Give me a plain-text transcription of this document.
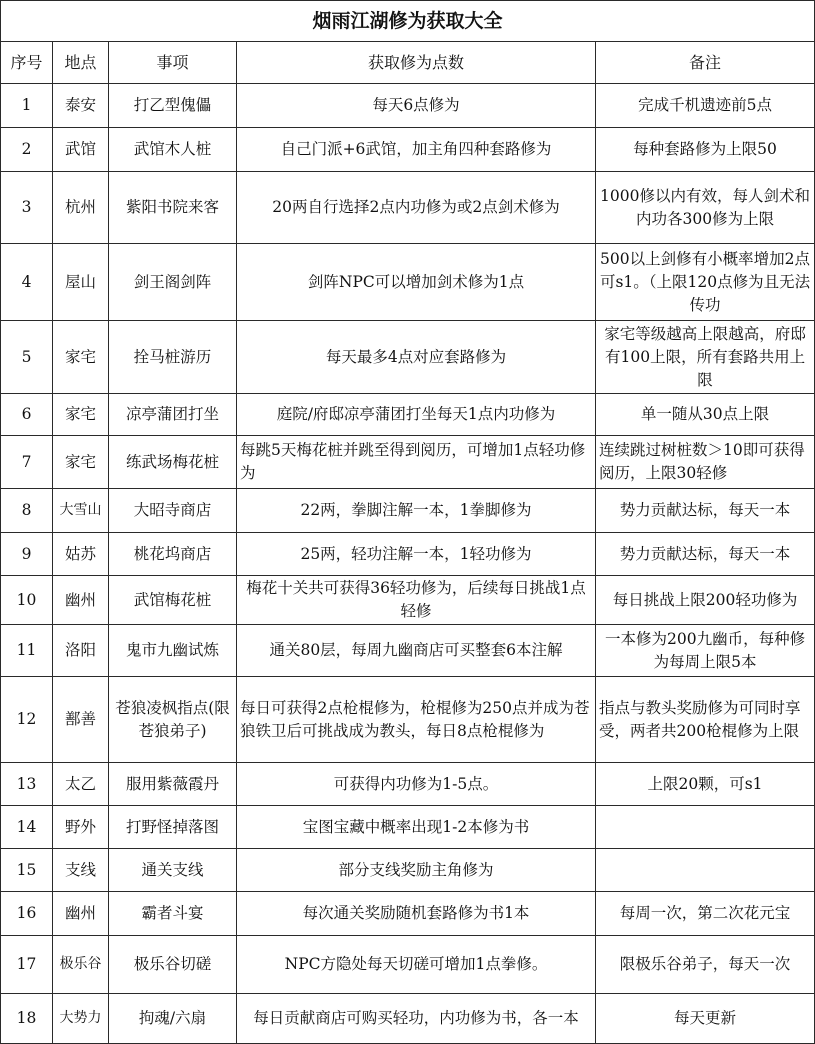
烟雨江湖修为获取大全				
序号	地点	事项	获取修为点数	备注
1	泰安	打乙型傀儡	每天6点修为	完成千机遗迹前5点
2	武馆	武馆木人桩	自己门派+6武馆，加主角四种套路修为	每种套路修为上限50
3	杭州	紫阳书院来客	20两自行选择2点内功修为或2点剑术修为	1000修以内有效，每人剑术和内功各300修为上限
4	屋山	剑王阁剑阵	剑阵NPC可以增加剑术修为1点	500以上剑修有小概率增加2点可s1。（上限120点修为且无法传功
5	家宅	拴马桩游历	每天最多4点对应套路修为	家宅等级越高上限越高，府邸有100上限，所有套路共用上限
6	家宅	凉亭蒲团打坐	庭院/府邸凉亭蒲团打坐每天1点内功修为	单一随从30点上限
7	家宅	练武场梅花桩	每跳5天梅花桩并跳至得到阅历，可增加1点轻功修为	连续跳过树桩数＞10即可获得阅历，上限30轻修
8	大雪山	大昭寺商店	22两，拳脚注解一本，1拳脚修为	势力贡献达标，每天一本
9	姑苏	桃花坞商店	25两，轻功注解一本，1轻功修为	势力贡献达标，每天一本
10	幽州	武馆梅花桩	梅花十关共可获得36轻功修为，后续每日挑战1点轻修	每日挑战上限200轻功修为
11	洛阳	鬼市九幽试炼	通关80层，每周九幽商店可买整套6本注解	一本修为200九幽币，每种修为每周上限5本
12	鄯善	苍狼凌枫指点(限苍狼弟子)	每日可获得2点枪棍修为，枪棍修为250点并成为苍狼铁卫后可挑战成为教头，每日8点枪棍修为	指点与教头奖励修为可同时享受，两者共200枪棍修为上限
13	太乙	服用紫薇霞丹	可获得内功修为1-5点。	上限20颗，可s1
14	野外	打野怪掉落图	宝图宝藏中概率出现1-2本修为书	
15	支线	通关支线	部分支线奖励主角修为	
16	幽州	霸者斗宴	每次通关奖励随机套路修为书1本	每周一次，第二次花元宝
17	极乐谷	极乐谷切磋	NPC方隐处每天切磋可增加1点拳修。	限极乐谷弟子，每天一次
18	大势力	拘魂/六扇	每日贡献商店可购买轻功，内功修为书，各一本	每天更新
